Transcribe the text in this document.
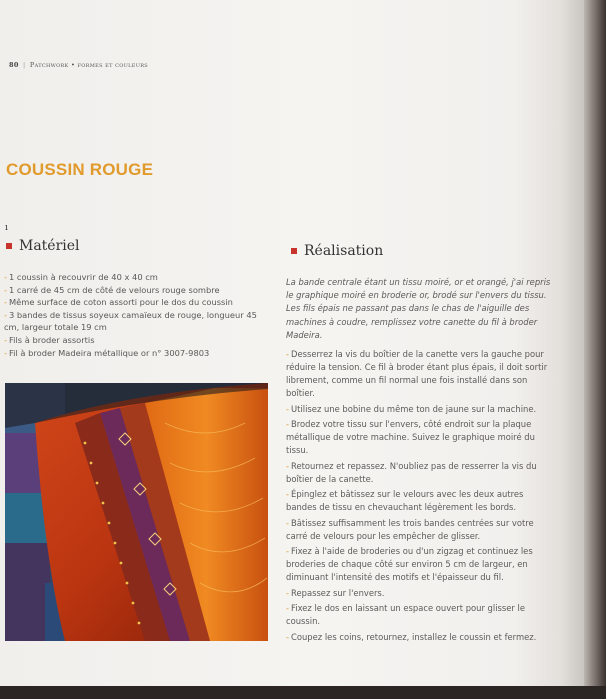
80 | Patchwork • formes et couleurs
COUSSIN ROUGE
ı
Matériel
- 1 coussin à recouvrir de 40 x 40 cm
- 1 carré de 45 cm de côté de velours rouge sombre
- Même surface de coton assorti pour le dos du coussin
- 3 bandes de tissus soyeux camaïeux de rouge, longueur 45 cm, largeur totale 19 cm
- Fils à broder assortis
- Fil à broder Madeira métallique or n° 3007-9803
Réalisation
La bande centrale étant un tissu moiré, or et orangé, j'ai repris le graphique moiré en broderie or, brodé sur l'envers du tissu. Les fils épais ne passant pas dans le chas de l'aiguille des machines à coudre, remplissez votre canette du fil à broder Madeira.

- Desserrez la vis du boîtier de la canette vers la gauche pour réduire la tension. Ce fil à broder étant plus épais, il doit sortir librement, comme un fil normal une fois installé dans son boîtier.

- Utilisez une bobine du même ton de jaune sur la machine.

- Brodez votre tissu sur l'envers, côté endroit sur la plaque métallique de votre machine. Suivez le graphique moiré du tissu.

- Retournez et repassez. N'oubliez pas de resserrer la vis du boîtier de la canette.

- Épinglez et bâtissez sur le velours avec les deux autres bandes de tissu en chevauchant légèrement les bords.

- Bâtissez suffisamment les trois bandes centrées sur votre carré de velours pour les empêcher de glisser.

- Fixez à l'aide de broderies ou d'un zigzag et continuez les broderies de chaque côté sur environ 5 cm de largeur, en diminuant l'intensité des motifs et l'épaisseur du fil.

- Repassez sur l'envers.

- Fixez le dos en laissant un espace ouvert pour glisser le coussin.

- Coupez les coins, retournez, installez le coussin et fermez.
